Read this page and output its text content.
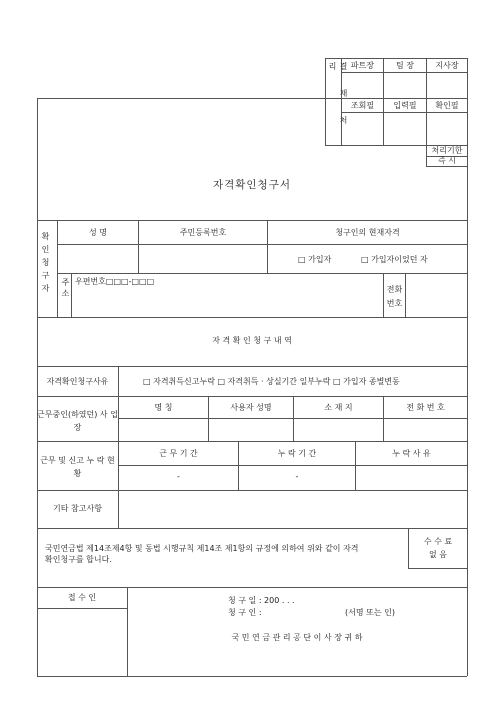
결 재 처 리	파트장	팀 장	지사장
조회필	입력필	확인필
처리기한
즉 시
자격확인청구서
확인청구자	성 명	주민등록번호	청구인의 현재자격
□ 가입자	□ 가입자이었던 자
주소 우편번호□□□-□□□
전화 번호
자 격 확 인 청 구 내 역
자격확인청구사유	□ 자격취득신고누락 □ 자격취득 · 상실기간 일부누락 □ 가입자 종별변동
근무중인(하였던) 사 업 장
명 칭	사용자 성명	소 재 지	전 화 번 호
근무 및 신고 누 락 현 황
근 무 기 간	누 락 기 간	누 락 사 유
-	-
기타 참고사항
국민연금법 제14조제4항 및 동법 시행규칙 제14조 제1항의 규정에 의하여 위와 같이 자격
확인청구를 합니다.
수 수 료
없 음
접 수 인	청 구 일 : 200 . . .
청 구 인 :	(서명 또는 인)
국 민 연 금 관 리 공 단 이 사 장 귀 하
